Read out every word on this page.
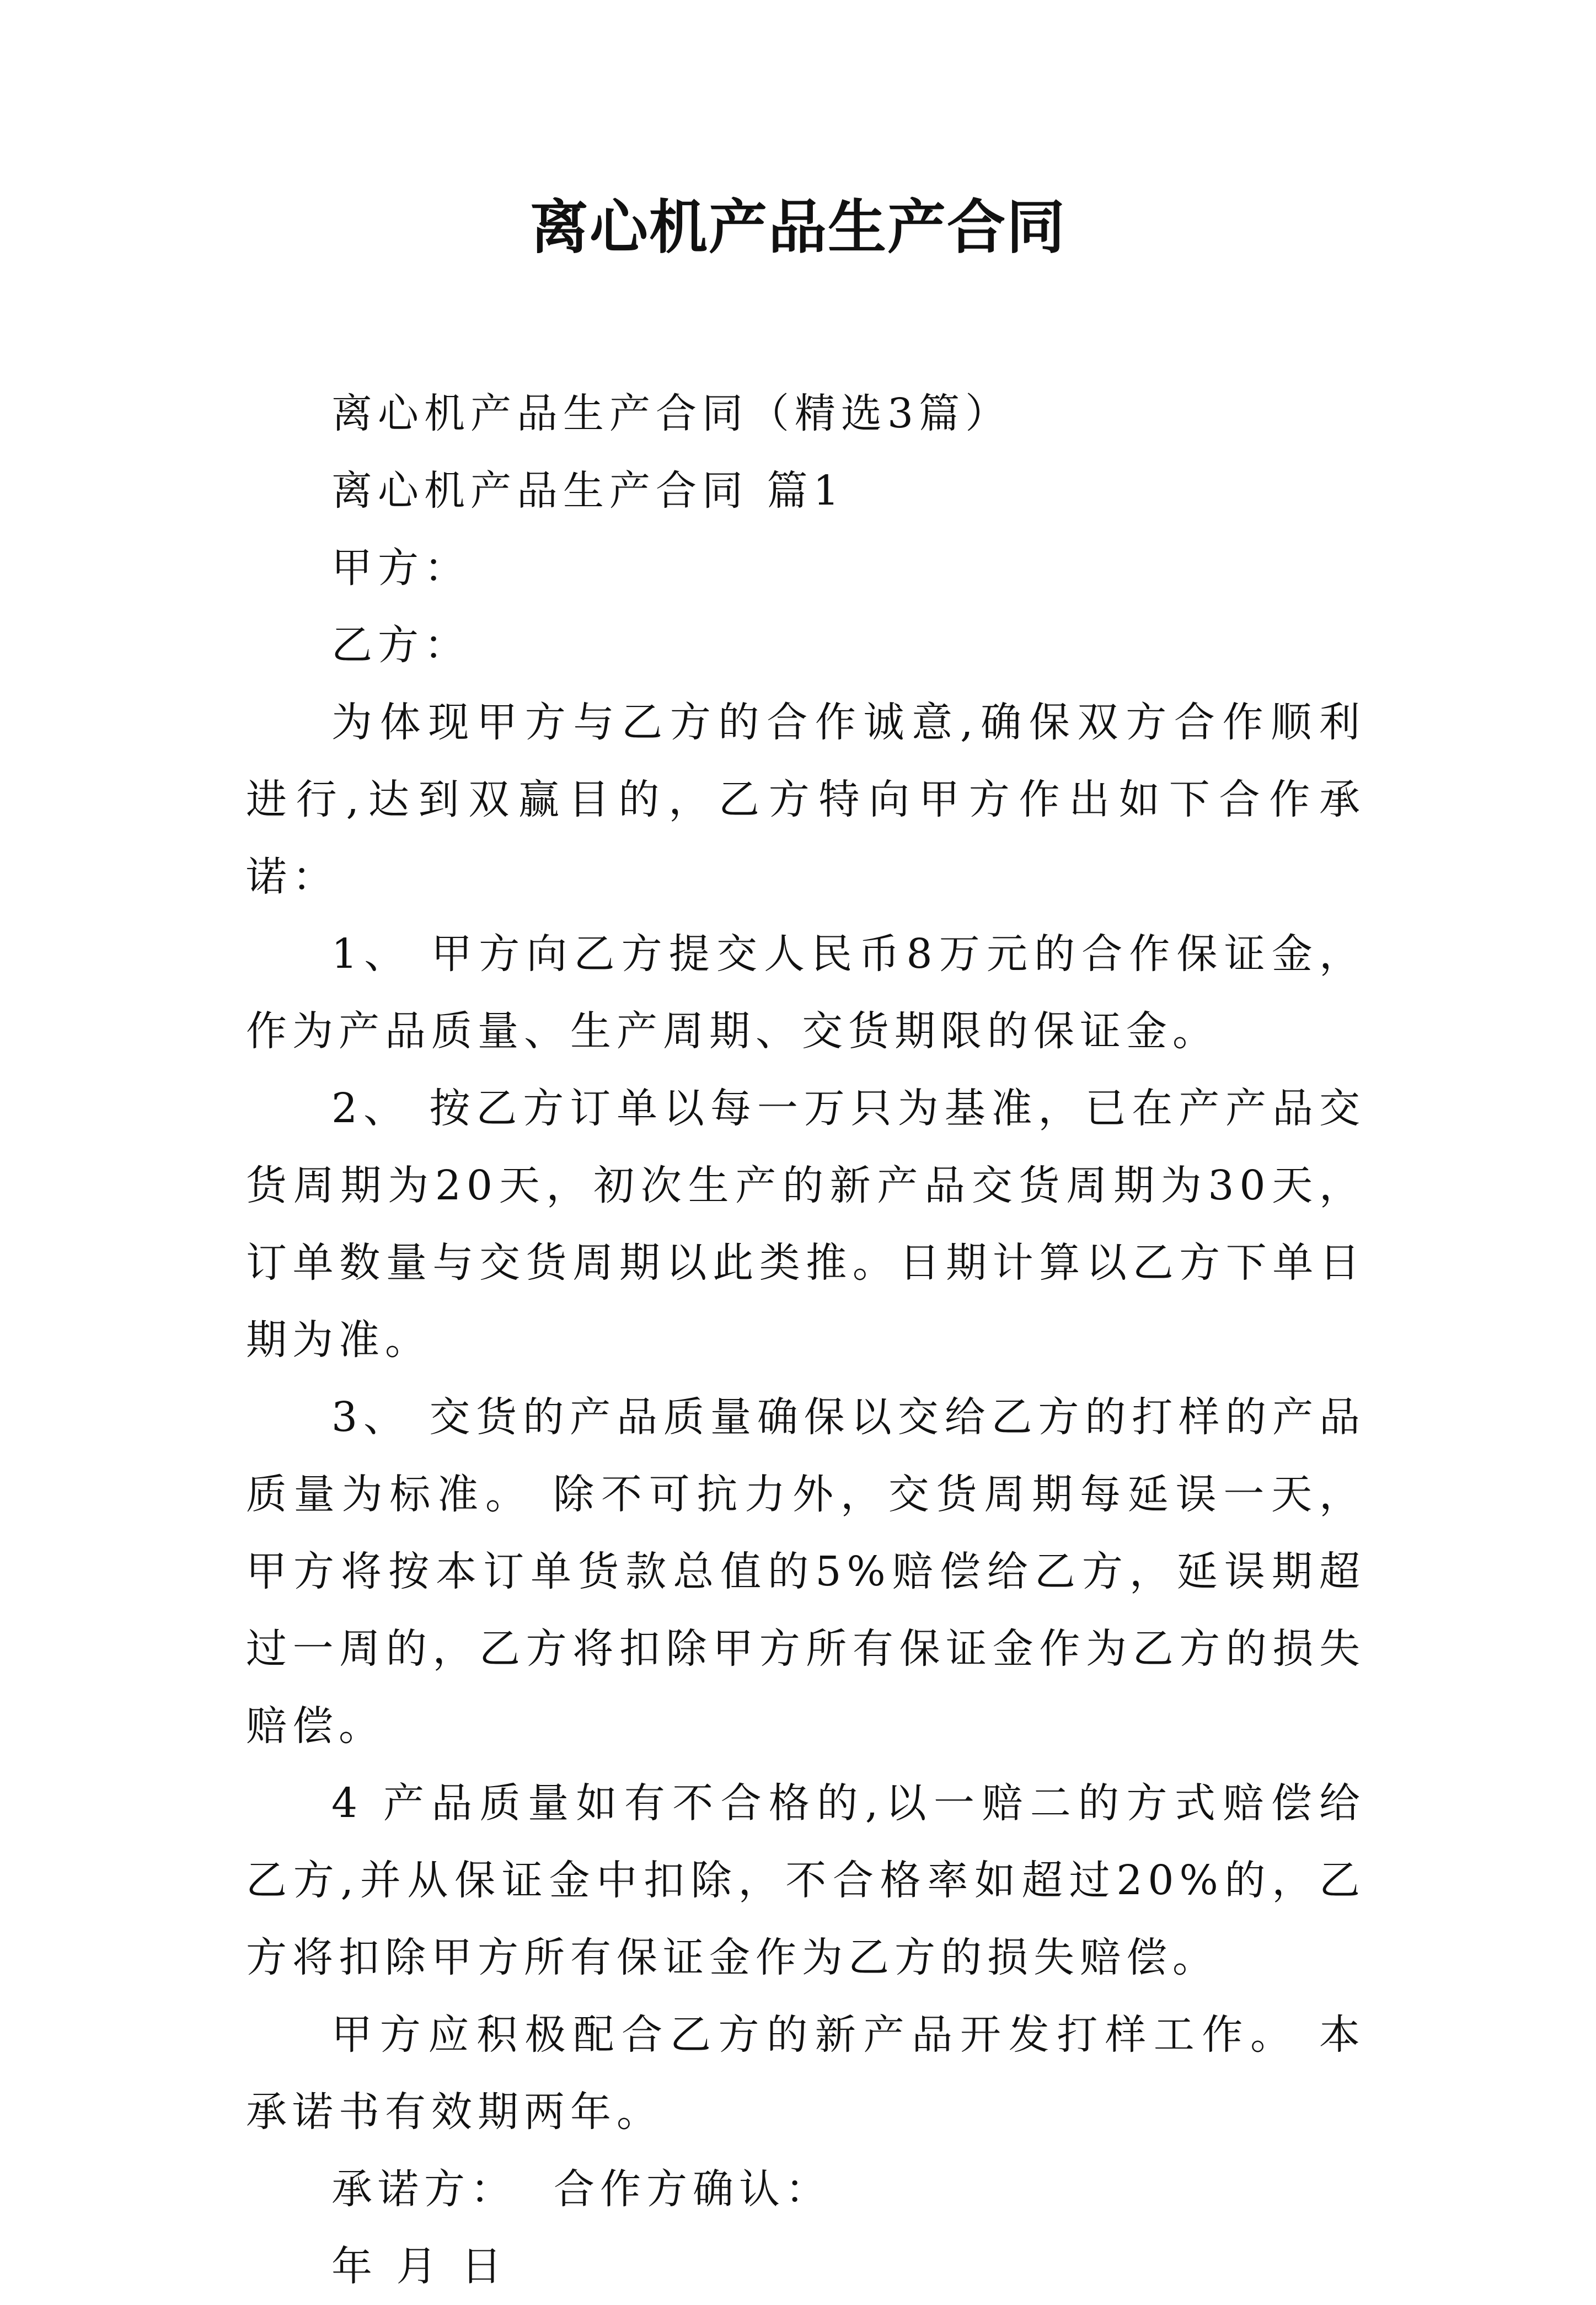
离心机产品生产合同

离心机产品生产合同（精选3篇）

离心机产品生产合同 篇1

甲方：

乙方：

为体现甲方与乙方的合作诚意,确保双方合作顺利进行,达到双赢目的，乙方特向甲方作出如下合作承诺：

1、 甲方向乙方提交人民币8万元的合作保证金，作为产品质量、生产周期、交货期限的保证金。

2、 按乙方订单以每一万只为基准，已在产产品交货周期为20天，初次生产的新产品交货周期为30天，订单数量与交货周期以此类推。日期计算以乙方下单日期为准。

3、 交货的产品质量确保以交给乙方的打样的产品质量为标准。 除不可抗力外，交货周期每延误一天，甲方将按本订单货款总值的5%赔偿给乙方，延误期超过一周的，乙方将扣除甲方所有保证金作为乙方的损失赔偿。

4 产品质量如有不合格的,以一赔二的方式赔偿给乙方,并从保证金中扣除，不合格率如超过20%的，乙方将扣除甲方所有保证金作为乙方的损失赔偿。

甲方应积极配合乙方的新产品开发打样工作。 本承诺书有效期两年。

承诺方：  合作方确认：

年 月 日
